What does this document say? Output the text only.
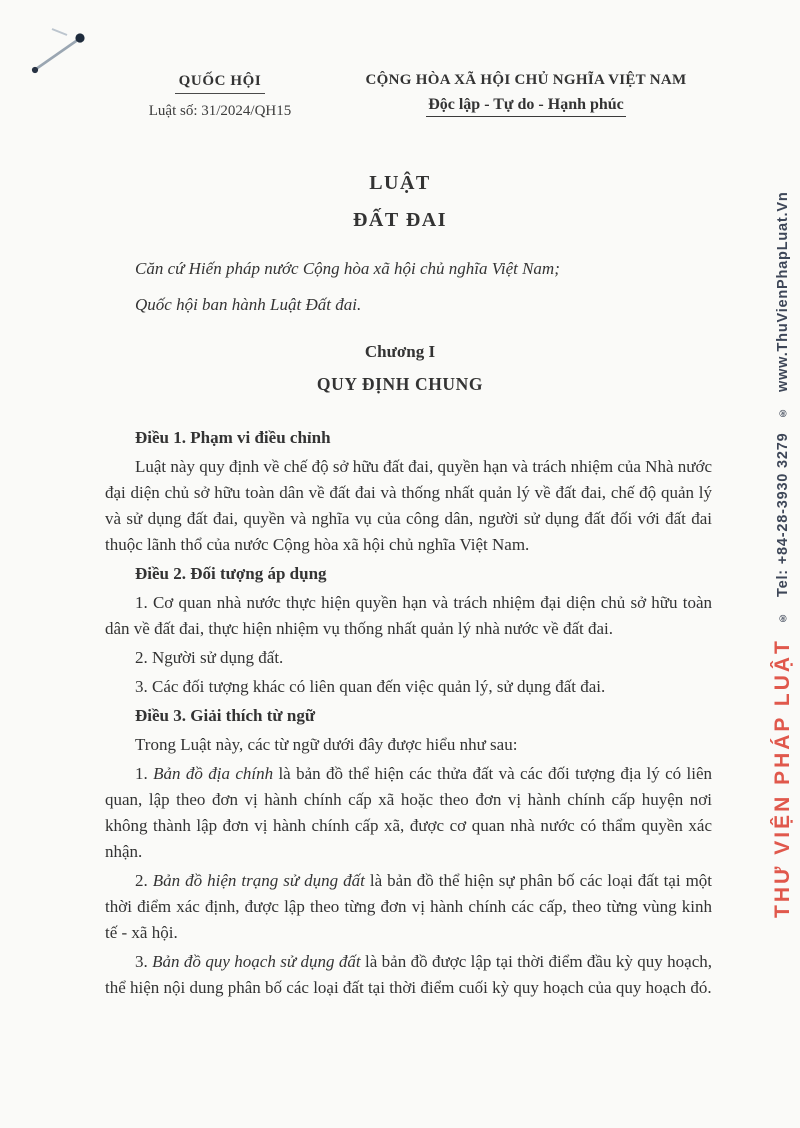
QUỐC HỘI
Luật số: 31/2024/QH15
CỘNG HÒA XÃ HỘI CHỦ NGHĨA VIỆT NAM
Độc lập - Tự do - Hạnh phúc
LUẬT
ĐẤT ĐAI

Căn cứ Hiến pháp nước Cộng hòa xã hội chủ nghĩa Việt Nam;

Quốc hội ban hành Luật Đất đai.

Chương I
QUY ĐỊNH CHUNG

Điều 1. Phạm vi điều chỉnh

Luật này quy định về chế độ sở hữu đất đai, quyền hạn và trách nhiệm của Nhà nước đại diện chủ sở hữu toàn dân về đất đai và thống nhất quản lý về đất đai, chế độ quản lý và sử dụng đất đai, quyền và nghĩa vụ của công dân, người sử dụng đất đối với đất đai thuộc lãnh thổ của nước Cộng hòa xã hội chủ nghĩa Việt Nam.

Điều 2. Đối tượng áp dụng

1. Cơ quan nhà nước thực hiện quyền hạn và trách nhiệm đại diện chủ sở hữu toàn dân về đất đai, thực hiện nhiệm vụ thống nhất quản lý nhà nước về đất đai.

2. Người sử dụng đất.

3. Các đối tượng khác có liên quan đến việc quản lý, sử dụng đất đai.

Điều 3. Giải thích từ ngữ

Trong Luật này, các từ ngữ dưới đây được hiểu như sau:

1. Bản đồ địa chính là bản đồ thể hiện các thửa đất và các đối tượng địa lý có liên quan, lập theo đơn vị hành chính cấp xã hoặc theo đơn vị hành chính cấp huyện nơi không thành lập đơn vị hành chính cấp xã, được cơ quan nhà nước có thẩm quyền xác nhận.

2. Bản đồ hiện trạng sử dụng đất là bản đồ thể hiện sự phân bố các loại đất tại một thời điểm xác định, được lập theo từng đơn vị hành chính các cấp, theo từng vùng kinh tế - xã hội.

3. Bản đồ quy hoạch sử dụng đất là bản đồ được lập tại thời điểm đầu kỳ quy hoạch, thể hiện nội dung phân bố các loại đất tại thời điểm cuối kỳ quy hoạch của quy hoạch đó.

THƯ VIỆN PHÁP LUẬT
®
Tel: +84-28-3930 3279
®
www.ThuVienPhapLuat.Vn
